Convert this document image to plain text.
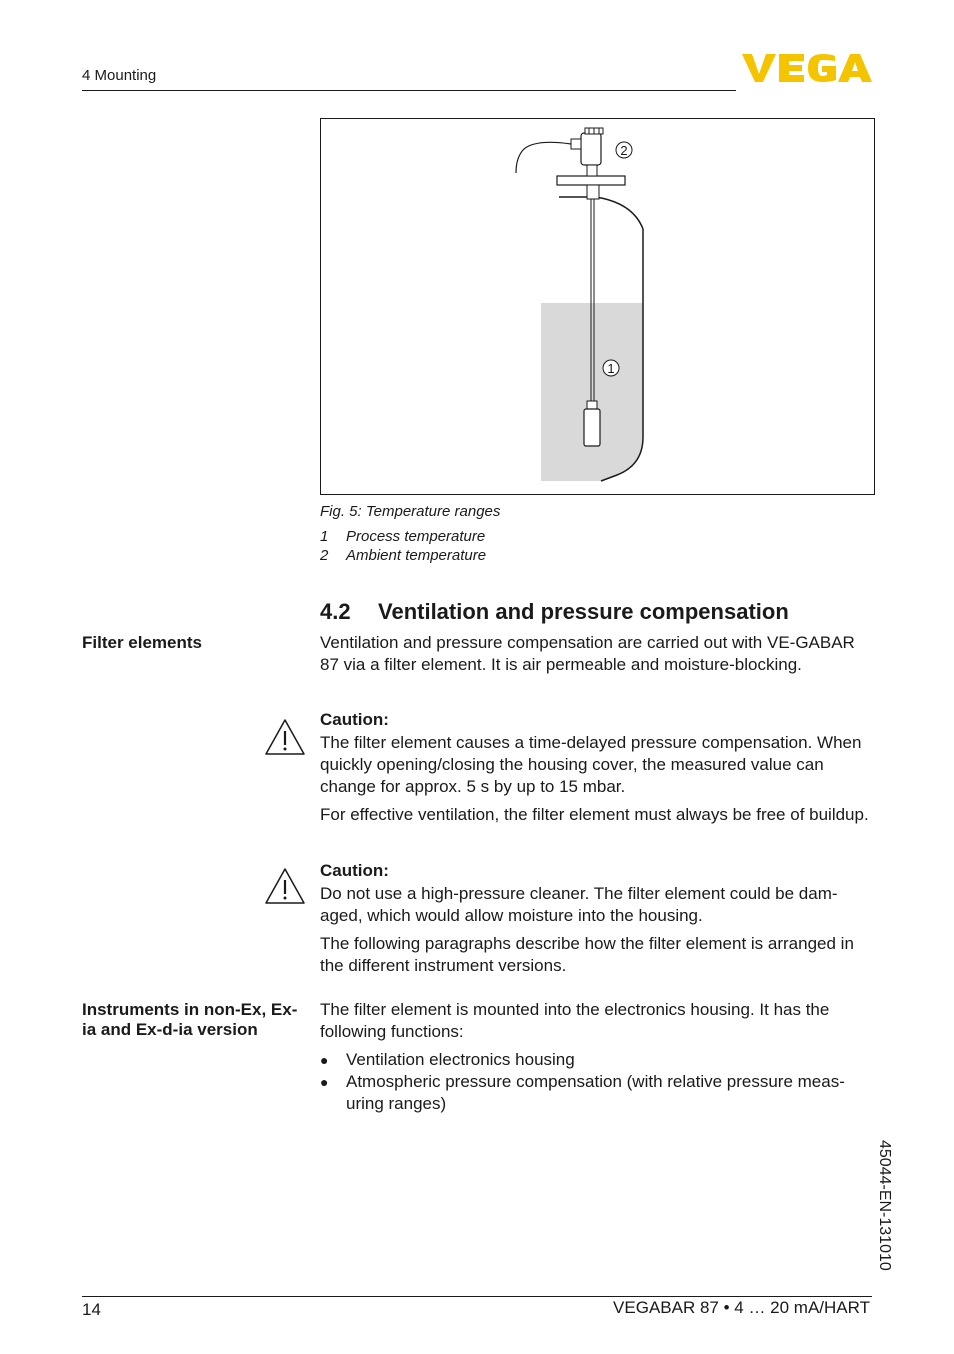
4 Mounting
2
1
Fig. 5: Temperature ranges
1 Process temperature
2 Ambient temperature
4.2 Ventilation and pressure compensation
Filter elements
Instruments in non-Ex, Ex-ia and Ex-d-ia version
Ventilation and pressure compensation are carried out with VE-GABAR 87 via a filter element. It is air permeable and moisture-blocking.
Caution:
The filter element causes a time-delayed pressure compensation. When quickly opening/closing the housing cover, the measured value can change for approx. 5 s by up to 15 mbar.
For effective ventilation, the filter element must always be free of buildup.
Caution:
Do not use a high-pressure cleaner. The filter element could be dam-aged, which would allow moisture into the housing.
The following paragraphs describe how the filter element is arranged in the different instrument versions.
The filter element is mounted into the electronics housing. It has the following functions:
●	Ventilation electronics housing
●	Atmospheric pressure compensation (with relative pressure meas-uring ranges)
45044-EN-131010
14	VEGABAR 87 • 4 … 20 mA/HART
